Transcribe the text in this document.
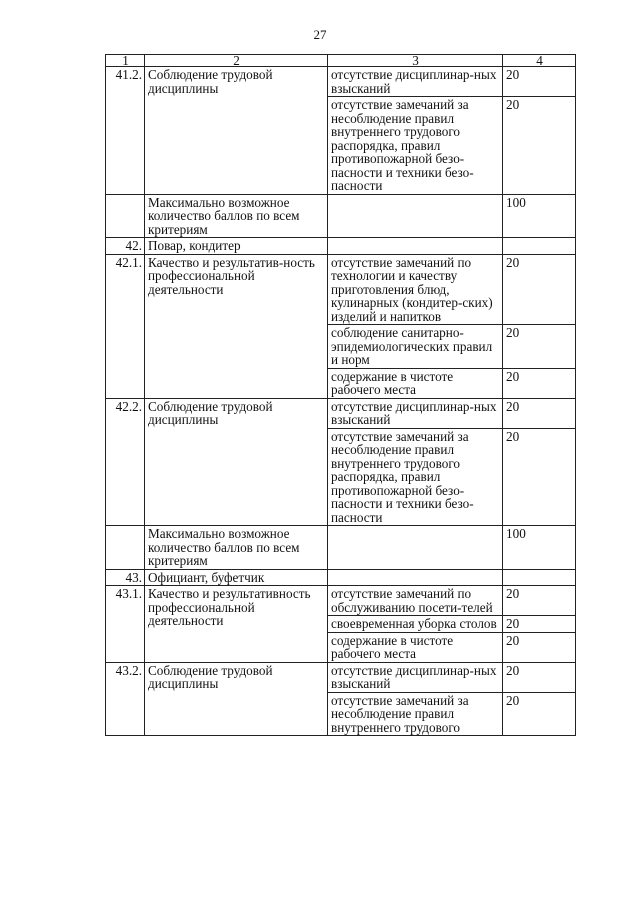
27
1	2	3	4
41.2.	Соблюдение трудовой дисциплины	отсутствие дисциплинар-ных взысканий	20
		отсутствие замечаний за несоблюдение правил внутреннего трудового распорядка, правил противопожарной безо-пасности и техники безо-пасности	20
	Максимально возможное количество баллов по всем критериям		100
42.	Повар, кондитер		
42.1.	Качество и результатив-ность профессиональной деятельности	отсутствие замечаний по технологии и качеству приготовления блюд, кулинарных (кондитер-ских) изделий и напитков	20
		соблюдение санитарно-эпидемиологических правил и норм	20
		содержание в чистоте рабочего места	20
42.2.	Соблюдение трудовой дисциплины	отсутствие дисциплинар-ных взысканий	20
		отсутствие замечаний за несоблюдение правил внутреннего трудового распорядка, правил противопожарной безо-пасности и техники безо-пасности	20
	Максимально возможное количество баллов по всем критериям		100
43.	Официант, буфетчик		
43.1.	Качество и результативность профессиональной деятельности	отсутствие замечаний по обслуживанию посети-телей	20
		своевременная уборка столов	20
		содержание в чистоте рабочего места	20
43.2.	Соблюдение трудовой дисциплины	отсутствие дисциплинар-ных взысканий	20
		отсутствие замечаний за несоблюдение правил внутреннего трудового	20
